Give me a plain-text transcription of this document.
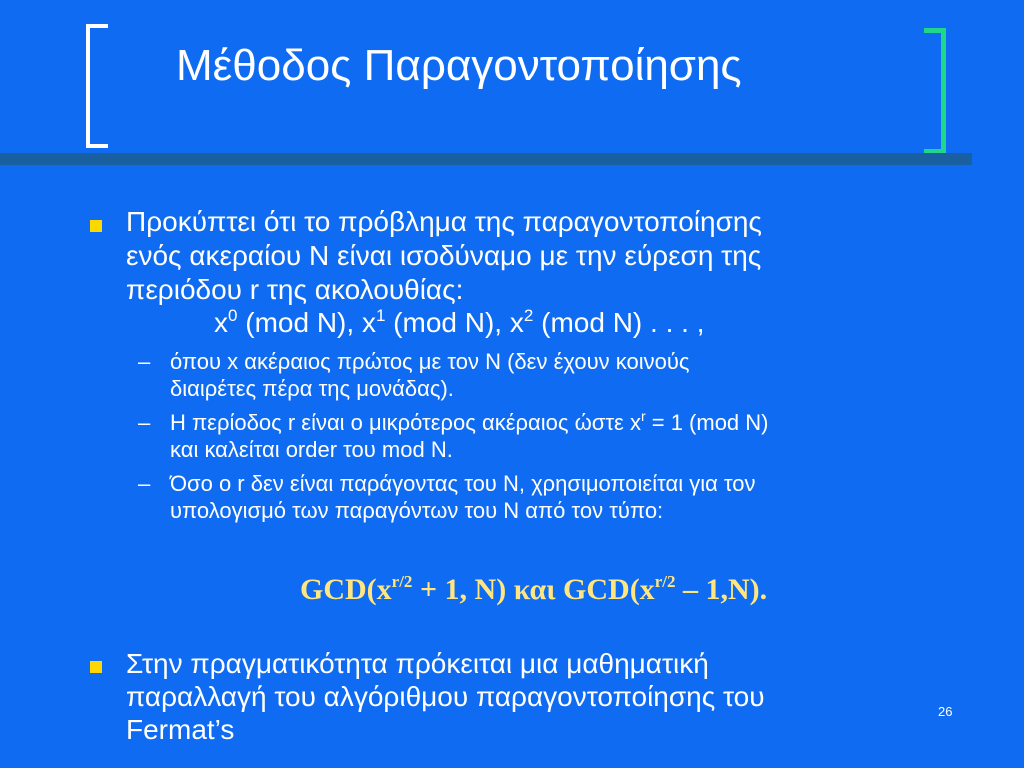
Μέθοδος Παραγοντοποίησης
Προκύπτει ότι το πρόβλημα της παραγοντοποίησης
ενός ακεραίου Ν είναι ισοδύναμο με την εύρεση της
περιόδου r της ακολουθίας:
$x^0$ (mod N), $x^1$ (mod N), $x^2$ (mod N) . . . ,
– όπου x ακέραιος πρώτος με τον Ν (δεν έχουν κοινούς
διαιρέτες πέρα της μονάδας).
– Η περίοδος r είναι ο μικρότερος ακέραιος ώστε $x^r = 1$ (mod N)
και καλείται order του mod N.
– Όσο ο r δεν είναι παράγοντας του Ν, χρησιμοποιείται για τον
υπολογισμό των παραγόντων του Ν από τον τύπο:
$GCD(x^{r/2} + 1$, N) και $GCD(x^{r/2} - 1,N)$.
Στην πραγματικότητα πρόκειται μια μαθηματική
παραλλαγή του αλγόριθμου παραγοντοποίησης του
Fermat’s
26
